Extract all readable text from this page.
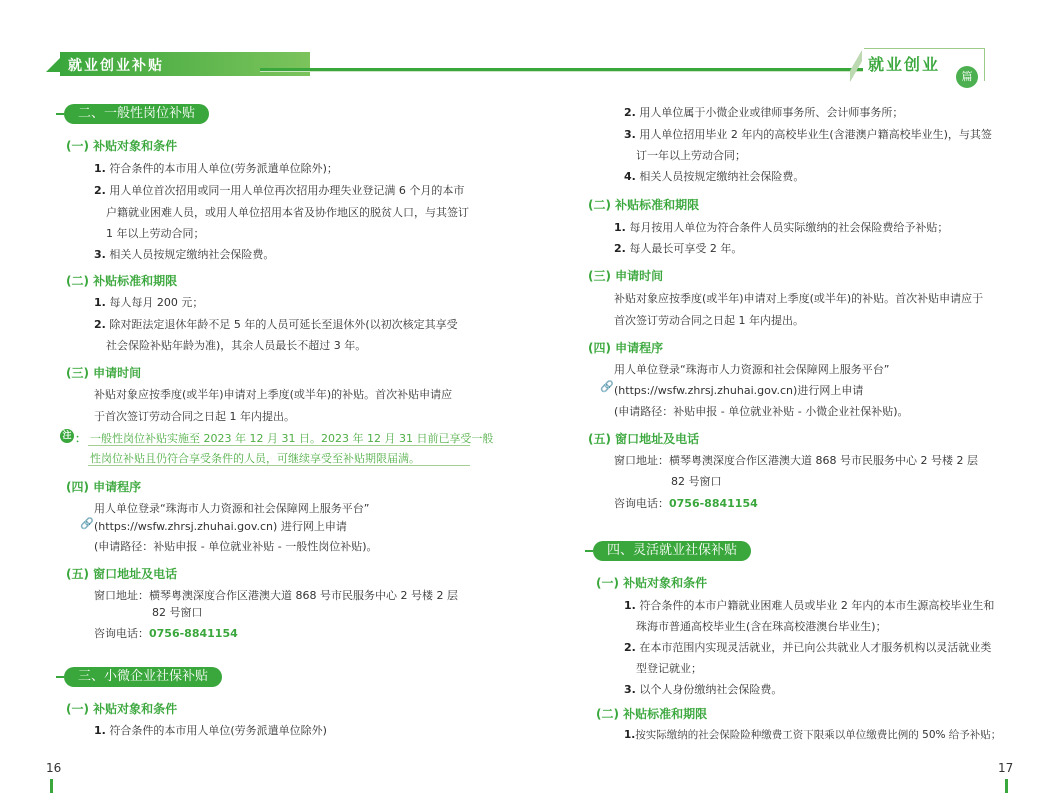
就业创业补贴	就业创业
篇
二、一般性岗位补贴
(一) 补贴对象和条件
1. 符合条件的本市用人单位(劳务派遣单位除外)；
2. 用人单位首次招用或同一用人单位再次招用办理失业登记满 6 个月的本市
户籍就业困难人员，或用人单位招用本省及协作地区的脱贫人口，与其签订
1 年以上劳动合同；
3. 相关人员按规定缴纳社会保险费。
(二) 补贴标准和期限
1. 每人每月 200 元；
2. 除对距法定退休年龄不足 5 年的人员可延长至退休外(以初次核定其享受
社会保险补贴年龄为准)，其余人员最长不超过 3 年。
(三) 申请时间
补贴对象应按季度(或半年)申请对上季度(或半年)的补贴。首次补贴申请应
于首次签订劳动合同之日起 1 年内提出。
注 ： 一般性岗位补贴实施至 2023 年 12 月 31 日。2023 年 12 月 31 日前已享受一般
性岗位补贴且仍符合享受条件的人员，可继续享受至补贴期限届满。
(四) 申请程序
用人单位登录“珠海市人力资源和社会保障网上服务平台”
🔗 (https://wsfw.zhrsj.zhuhai.gov.cn) 进行网上申请
(申请路径：补贴申报 - 单位就业补贴 - 一般性岗位补贴)。
(五) 窗口地址及电话
窗口地址：横琴粤澳深度合作区港澳大道 868 号市民服务中心 2 号楼 2 层
82 号窗口
咨询电话：0756-8841154
三、小微企业社保补贴
(一) 补贴对象和条件
1. 符合条件的本市用人单位(劳务派遣单位除外)
2. 用人单位属于小微企业或律师事务所、会计师事务所；
3. 用人单位招用毕业 2 年内的高校毕业生(含港澳户籍高校毕业生)，与其签
订一年以上劳动合同；
4. 相关人员按规定缴纳社会保险费。
(二) 补贴标准和期限
1. 每月按用人单位为符合条件人员实际缴纳的社会保险费给予补贴；
2. 每人最长可享受 2 年。
(三) 申请时间
补贴对象应按季度(或半年)申请对上季度(或半年)的补贴。首次补贴申请应于
首次签订劳动合同之日起 1 年内提出。
(四) 申请程序
用人单位登录“珠海市人力资源和社会保障网上服务平台”
🔗 (https://wsfw.zhrsj.zhuhai.gov.cn)进行网上申请
(申请路径：补贴申报 - 单位就业补贴 - 小微企业社保补贴)。
(五) 窗口地址及电话
窗口地址：横琴粤澳深度合作区港澳大道 868 号市民服务中心 2 号楼 2 层
82 号窗口
咨询电话：0756-8841154
四、灵活就业社保补贴
(一) 补贴对象和条件
1. 符合条件的本市户籍就业困难人员或毕业 2 年内的本市生源高校毕业生和
珠海市普通高校毕业生(含在珠高校港澳台毕业生)；
2. 在本市范围内实现灵活就业，并已向公共就业人才服务机构以灵活就业类
型登记就业；
3. 以个人身份缴纳社会保险费。
(二) 补贴标准和期限
1.按实际缴纳的社会保险险种缴费工资下限乘以单位缴费比例的 50% 给予补贴；
16	17
